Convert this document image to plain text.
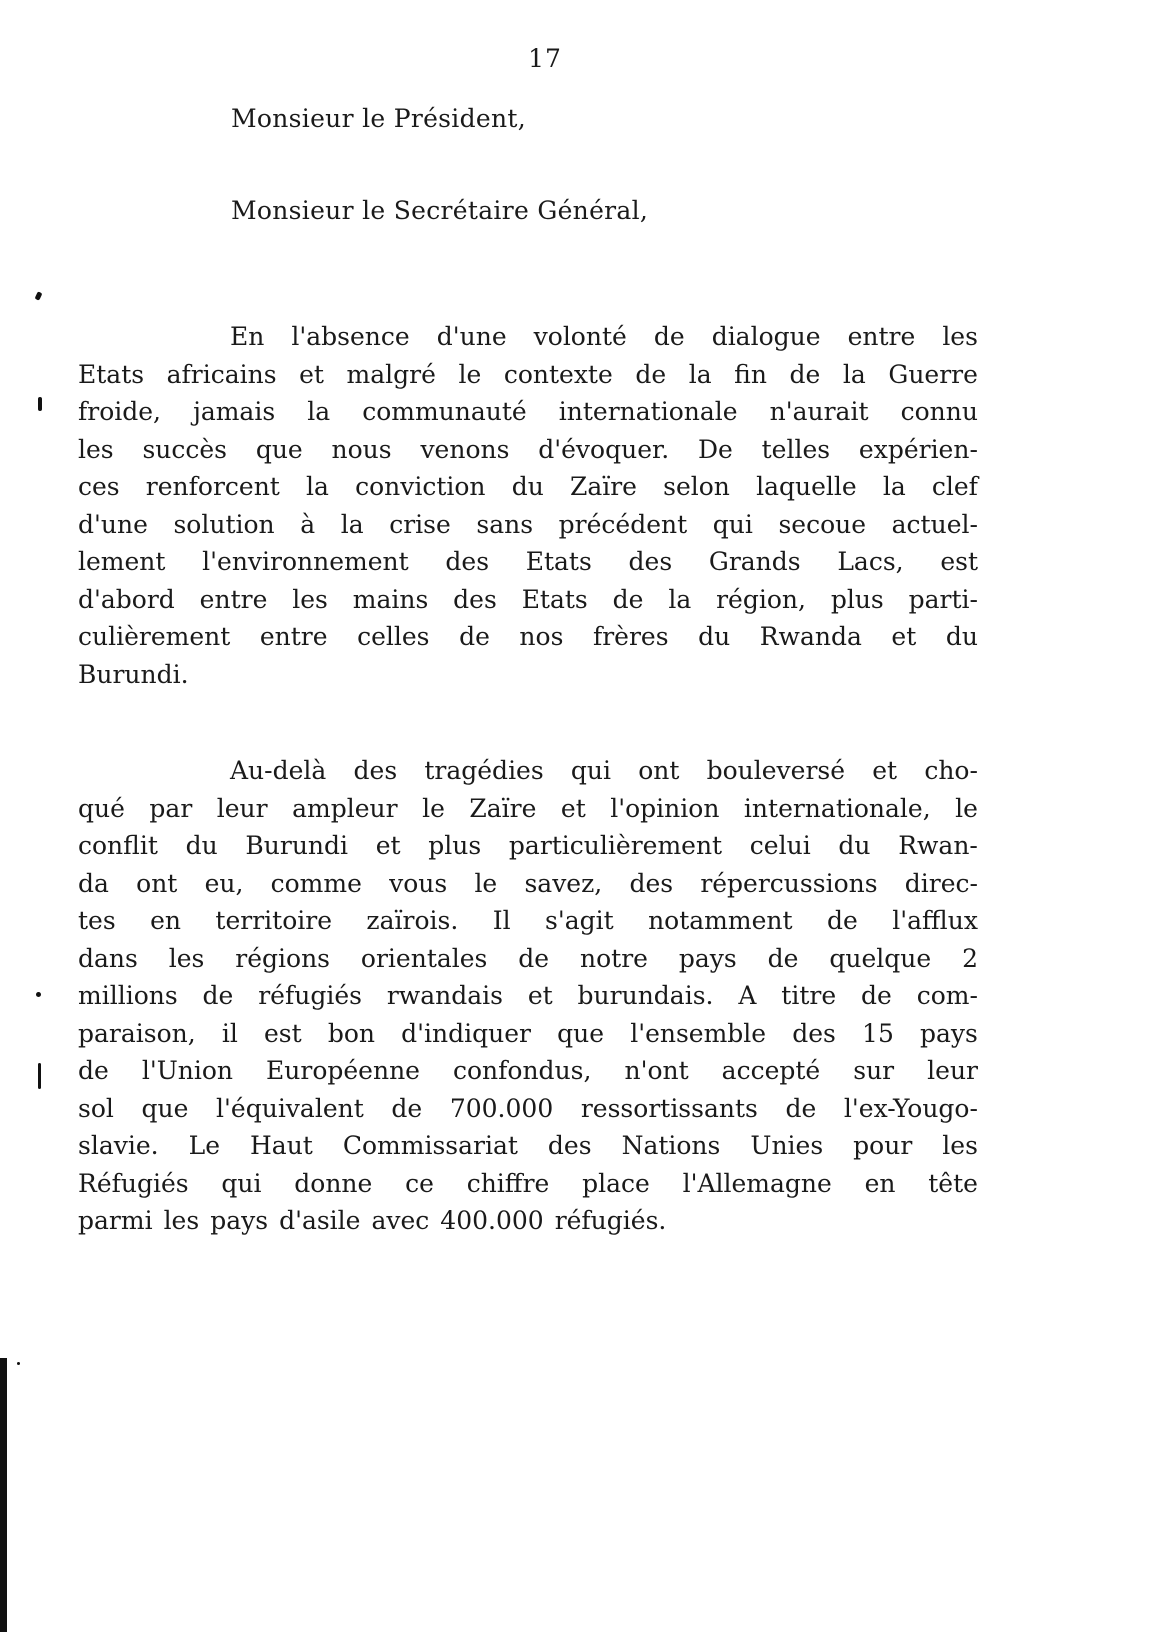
17
Monsieur le Président,
Monsieur le Secrétaire Général,
En l'absence d'une volonté de dialogue entre les
Etats africains et malgré le contexte de la fin de la Guerre
froide, jamais la communauté internationale n'aurait connu
les succès que nous venons d'évoquer. De telles expérien-
ces renforcent la conviction du Zaïre selon laquelle la clef
d'une solution à la crise sans précédent qui secoue actuel-
lement l'environnement des Etats des Grands Lacs, est
d'abord entre les mains des Etats de la région, plus parti-
culièrement entre celles de nos frères du Rwanda et du
Burundi.
Au-delà des tragédies qui ont bouleversé et cho-
qué par leur ampleur le Zaïre et l'opinion internationale, le
conflit du Burundi et plus particulièrement celui du Rwan-
da ont eu, comme vous le savez, des répercussions direc-
tes en territoire zaïrois. Il s'agit notamment de l'afflux
dans les régions orientales de notre pays de quelque 2
millions de réfugiés rwandais et burundais. A titre de com-
paraison, il est bon d'indiquer que l'ensemble des 15 pays
de l'Union Européenne confondus, n'ont accepté sur leur
sol que l'équivalent de 700.000 ressortissants de l'ex-Yougo-
slavie. Le Haut Commissariat des Nations Unies pour les
Réfugiés qui donne ce chiffre place l'Allemagne en tête
parmi les pays d'asile avec 400.000 réfugiés.
